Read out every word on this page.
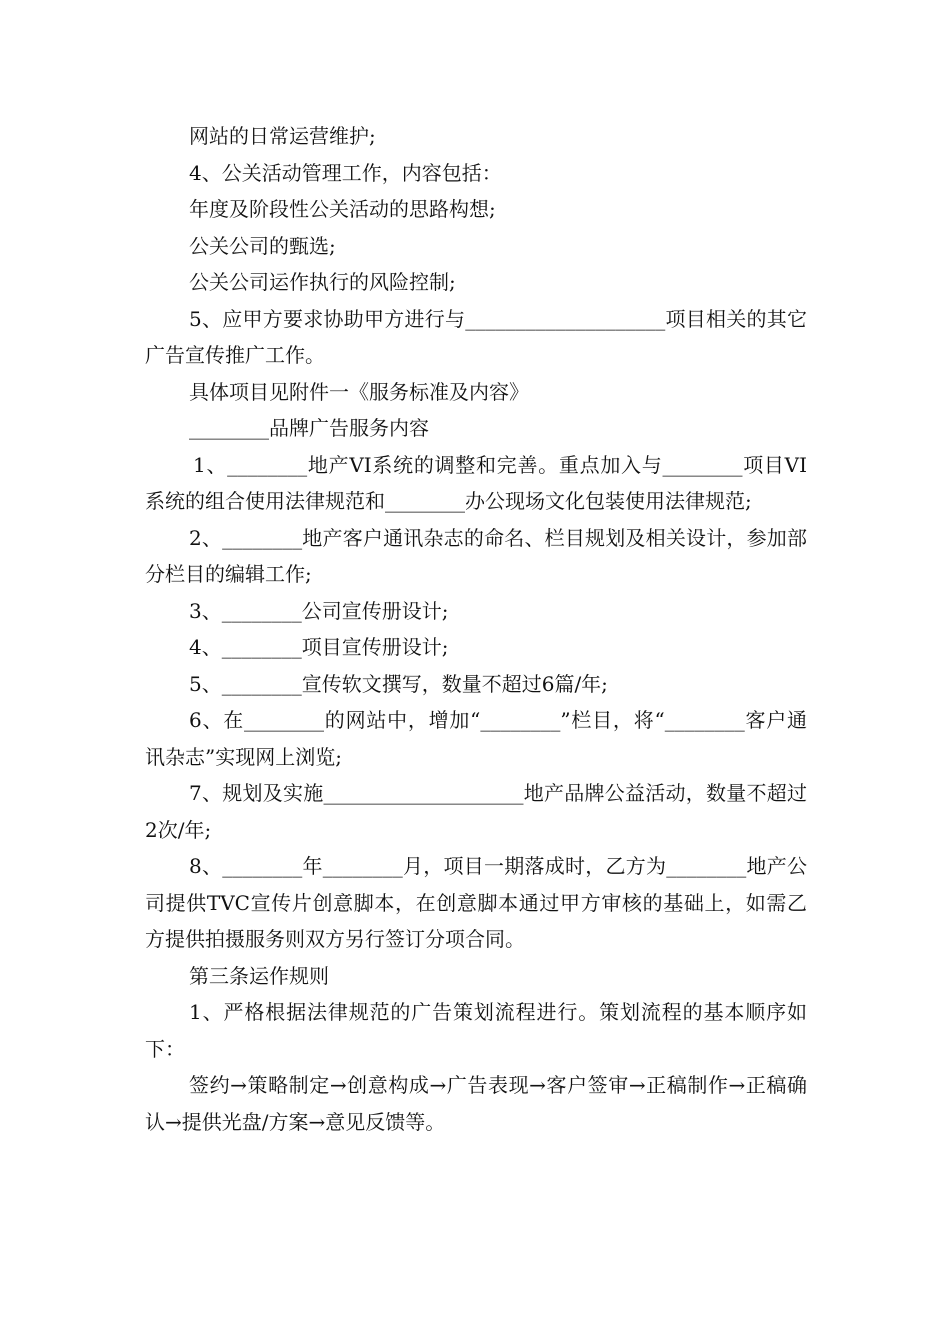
网站的日常运营维护;

4、公关活动管理工作，内容包括：

年度及阶段性公关活动的思路构想;

公关公司的甄选;

公关公司运作执行的风险控制;

5、应甲方要求协助甲方进行与____________________项目相关的其它广告宣传推广工作。

具体项目见附件一《服务标准及内容》

________品牌广告服务内容

1、________地产VI系统的调整和完善。重点加入与________项目VI系统的组合使用法律规范和________办公现场文化包装使用法律规范;

2、________地产客户通讯杂志的命名、栏目规划及相关设计，参加部分栏目的编辑工作;

3、________公司宣传册设计;

4、________项目宣传册设计;

5、________宣传软文撰写，数量不超过6篇/年;

6、在________的网站中，增加“________”栏目，将“________客户通讯杂志”实现网上浏览;

7、规划及实施____________________地产品牌公益活动，数量不超过2次/年;

8、________年________月，项目一期落成时，乙方为________地产公司提供TVC宣传片创意脚本，在创意脚本通过甲方审核的基础上，如需乙方提供拍摄服务则双方另行签订分项合同。

第三条运作规则

1、严格根据法律规范的广告策划流程进行。策划流程的基本顺序如下：

签约→策略制定→创意构成→广告表现→客户签审→正稿制作→正稿确认→提供光盘/方案→意见反馈等。
